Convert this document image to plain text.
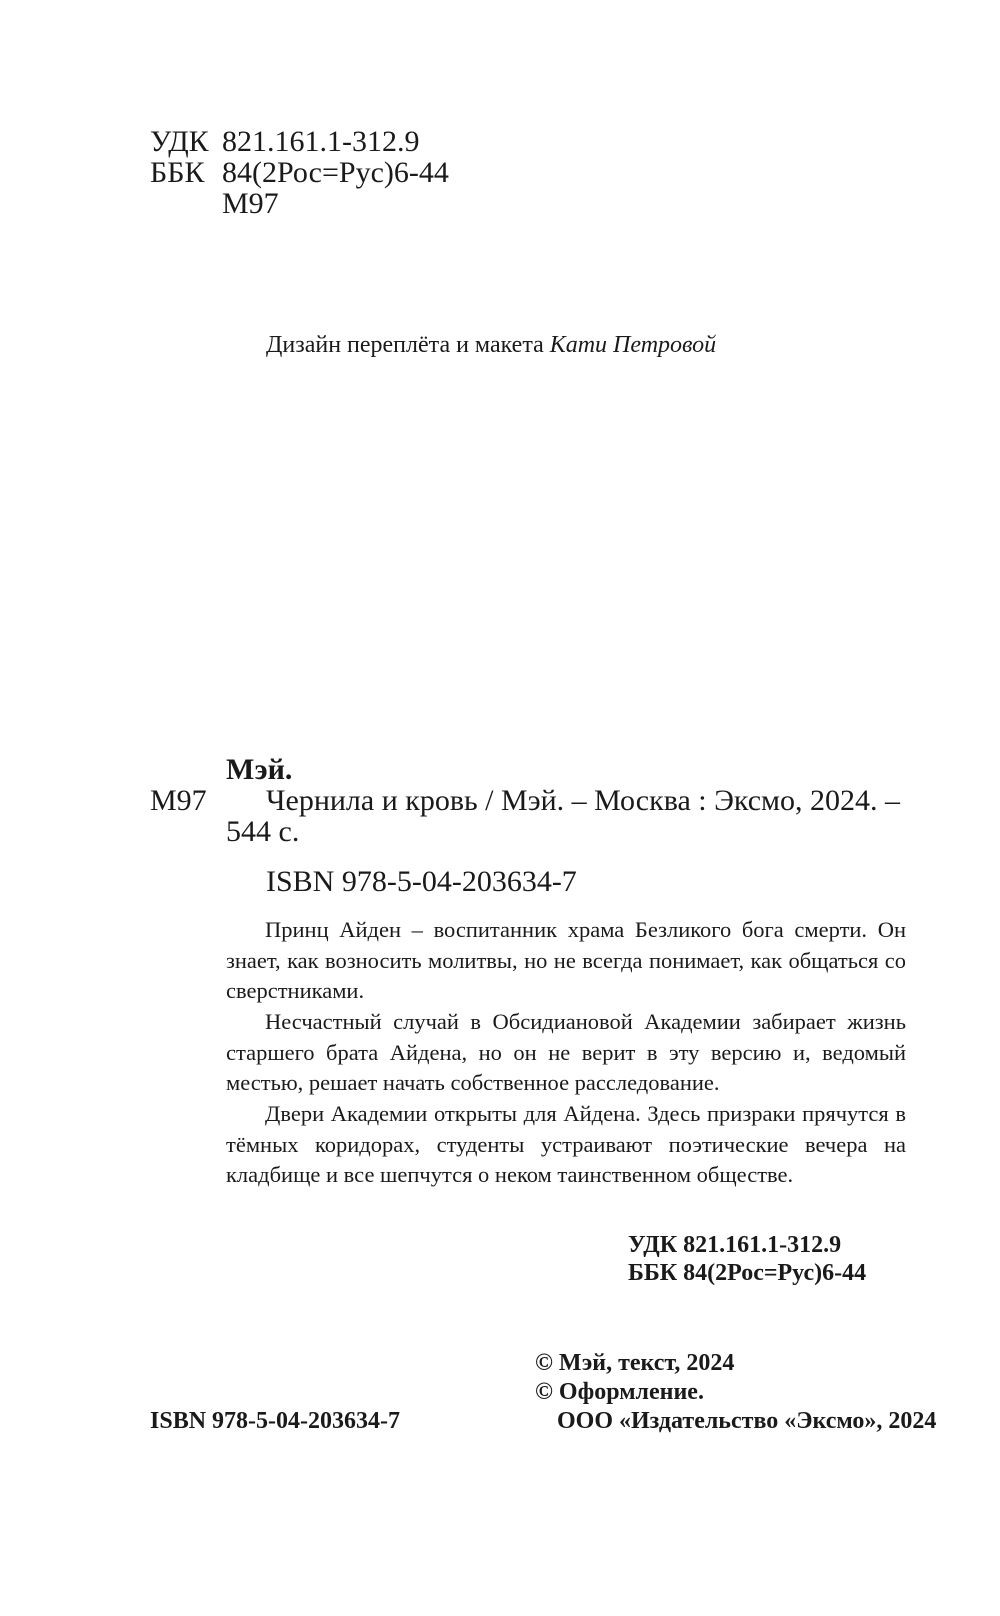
УДК 821.161.1-312.9
ББК 84(2Рос=Рус)6-44
М97
Дизайн переплёта и макета Кати Петровой
Мэй.
М97 Чернила и кровь / Мэй. – Москва : Эксмо, 2024. –
544 с.
ISBN 978-5-04-203634-7

Принц Айден – воспитанник храма Безликого бога смерти. Он знает, как возносить молитвы, но не всегда понимает, как общаться со сверстниками.

Несчастный случай в Обсидиановой Академии забирает жизнь старшего брата Айдена, но он не верит в эту версию и, ведомый местью, решает начать собственное расследование.

Двери Академии открыты для Айдена. Здесь призраки прячутся в тёмных коридорах, студенты устраивают поэтические вечера на кладбище и все шепчутся о неком таинственном обществе.

УДК 821.161.1-312.9
ББК 84(2Рос=Рус)6-44
© Мэй, текст, 2024
© Оформление.
ООО «Издательство «Эксмо», 2024
ISBN 978-5-04-203634-7
